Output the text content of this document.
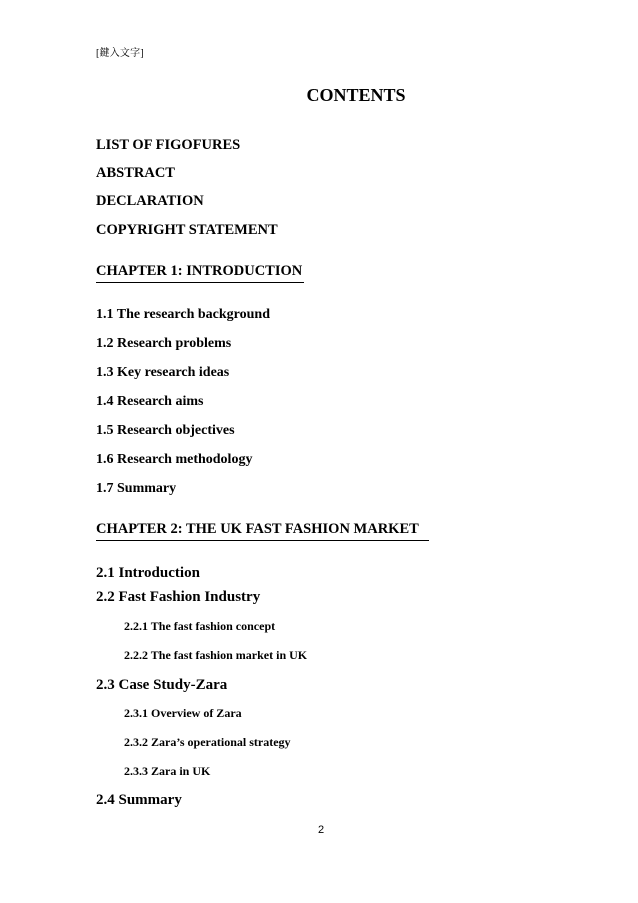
[鍵入文字]
CONTENTS
LIST OF FIGOFURES
ABSTRACT
DECLARATION
COPYRIGHT STATEMENT
CHAPTER 1: INTRODUCTION
1.1 The research background
1.2 Research problems
1.3 Key research ideas
1.4 Research aims
1.5 Research objectives
1.6 Research methodology
1.7 Summary
CHAPTER 2: THE UK FAST FASHION MARKET
2.1 Introduction
2.2 Fast Fashion Industry
2.2.1 The fast fashion concept
2.2.2 The fast fashion market in UK
2.3 Case Study-Zara
2.3.1 Overview of Zara
2.3.2 Zara’s operational strategy
2.3.3 Zara in UK
2.4 Summary
2
